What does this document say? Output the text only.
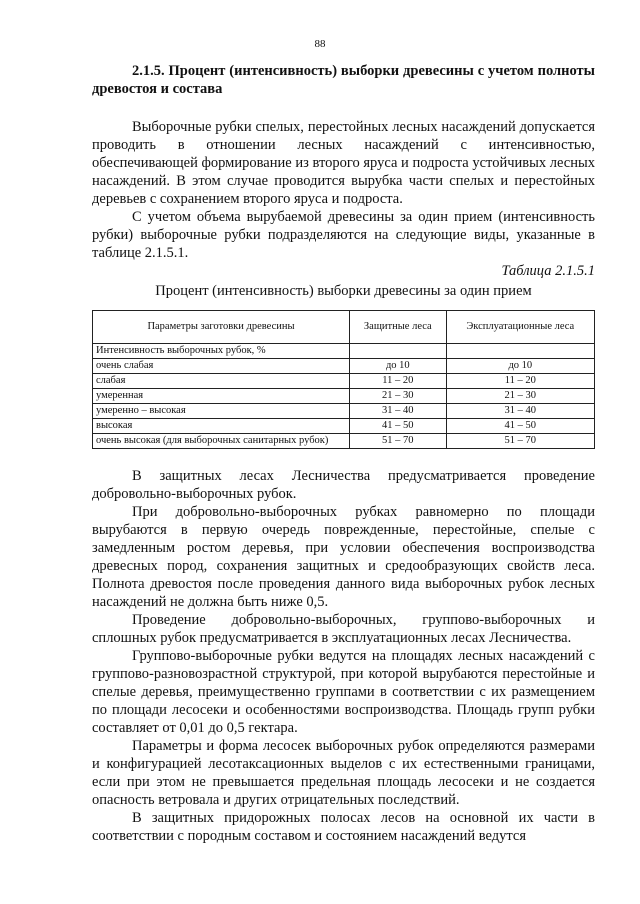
88
2.1.5. Процент (интенсивность) выборки древесины с учетом полноты древостоя и состава

Выборочные рубки спелых, перестойных лесных насаждений допускается проводить в отношении лесных насаждений с интенсивностью, обеспечивающей формирование из второго яруса и подроста устойчивых лесных насаждений. В этом случае проводится вырубка части спелых и перестойных деревьев с сохранением второго яруса и подроста.

С учетом объема вырубаемой древесины за один прием (интенсивность рубки) выборочные рубки подразделяются на следующие виды, указанные в таблице 2.1.5.1.

Таблица 2.1.5.1
Процент (интенсивность) выборки древесины за один прием
Параметры заготовки древесины	Защитные леса	Эксплуатационные леса
Интенсивность выборочных рубок, %		
очень слабая	до 10	до 10
слабая	11 – 20	11 – 20
умеренная	21 – 30	21 – 30
умеренно – высокая	31 – 40	31 – 40
высокая	41 – 50	41 – 50
очень высокая (для выборочных санитарных рубок)	51 – 70	51 – 70

В защитных лесах Лесничества предусматривается проведение добровольно-выборочных рубок.

При добровольно-выборочных рубках равномерно по площади вырубаются в первую очередь поврежденные, перестойные, спелые с замедленным ростом деревья, при условии обеспечения воспроизводства древесных пород, сохранения защитных и средообразующих свойств леса. Полнота древостоя после проведения данного вида выборочных рубок лесных насаждений не должна быть ниже 0,5.

Проведение добровольно-выборочных, группово-выборочных и сплошных рубок предусматривается в эксплуатационных лесах Лесничества.

Группово-выборочные рубки ведутся на площадях лесных насаждений с группово-разновозрастной структурой, при которой вырубаются перестойные и спелые деревья, преимущественно группами в соответствии с их размещением по площади лесосеки и особенностями воспроизводства. Площадь групп рубки составляет от 0,01 до 0,5 гектара.

Параметры и форма лесосек выборочных рубок определяются размерами и конфигурацией лесотаксационных выделов с их естественными границами, если при этом не превышается предельная площадь лесосеки и не создается опасность ветровала и других отрицательных последствий.

В защитных придорожных полосах лесов на основной их части в соответствии с породным составом и состоянием насаждений ведутся
